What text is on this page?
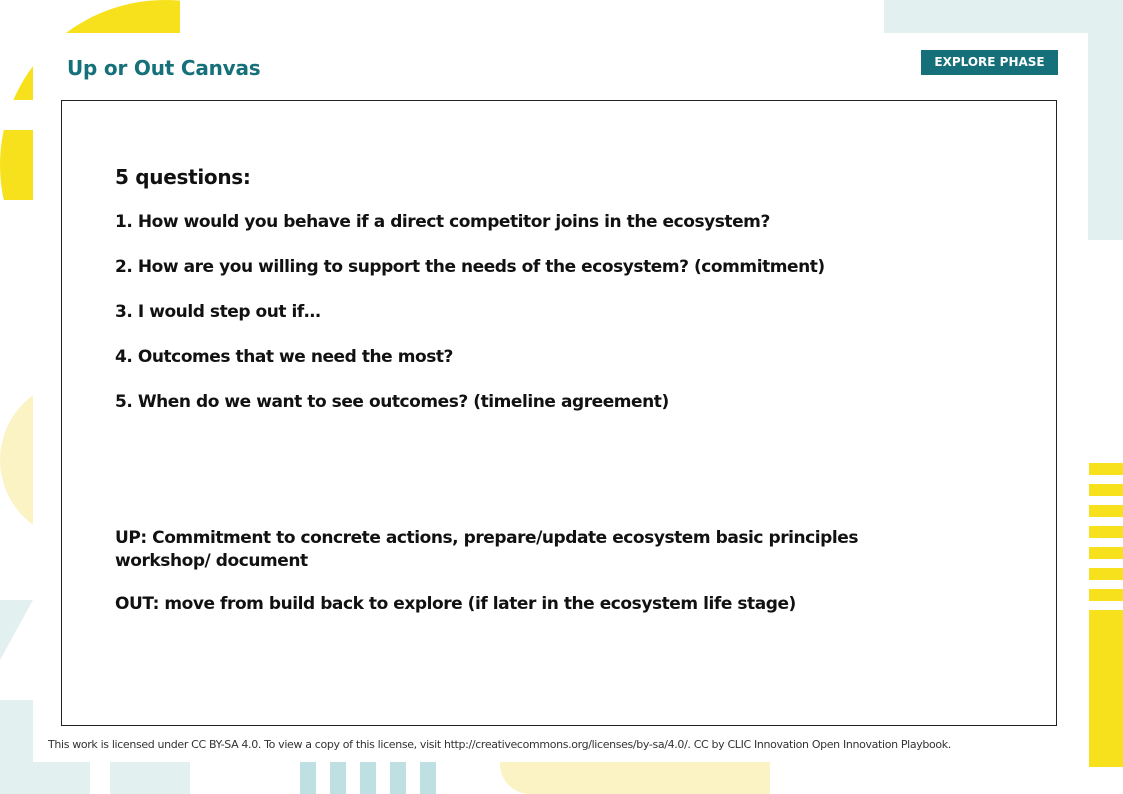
Up or Out Canvas	EXPLORE PHASE
5 questions:
1. How would you behave if a direct competitor joins in the ecosystem?
2. How are you willing to support the needs of the ecosystem? (commitment)
3. I would step out if…
4. Outcomes that we need the most?
5. When do we want to see outcomes? (timeline agreement)
UP: Commitment to concrete actions, prepare/update ecosystem basic principles workshop/ document
OUT: move from build back to explore (if later in the ecosystem life stage)
This work is licensed under CC BY-SA 4.0. To view a copy of this license, visit http://creativecommons.org/licenses/by-sa/4.0/. CC by CLIC Innovation Open Innovation Playbook.
